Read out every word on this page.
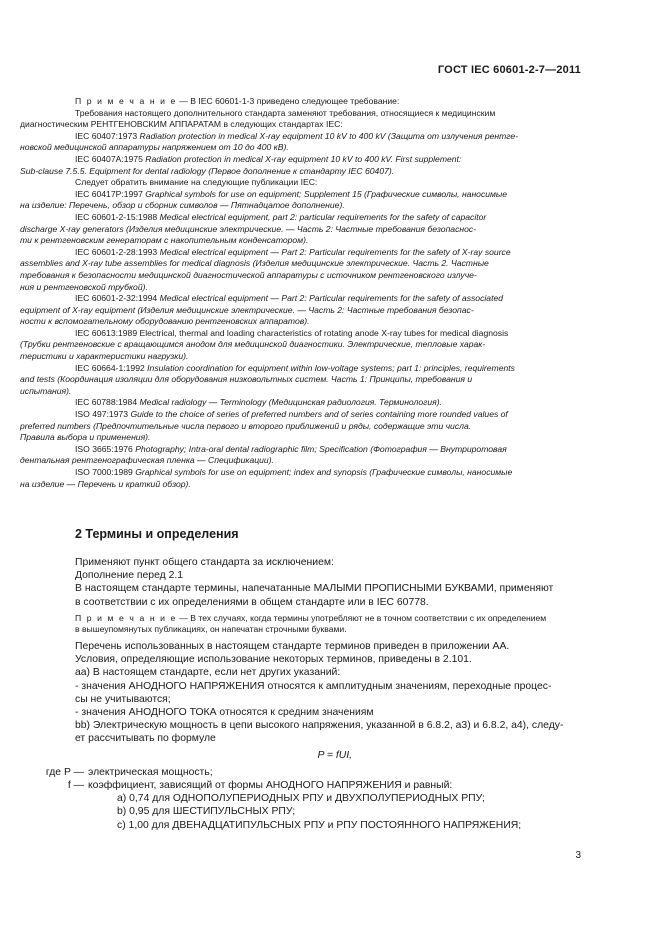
ГОСТ IEC 60601-2-7—2011

П р и м е ч а н и е — В IEC 60601-1-3 приведено следующее требование:

Требования настоящего дополнительного стандарта заменяют требования, относящиеся к медицинским

диагностическим РЕНТГЕНОВСКИМ АППАРАТАМ в следующих стандартах IEC:

IEC 60407:1973 Radiation protection in medical X-ray equipment 10 kV to 400 kV (Защита от излучения рентге-

новской медицинской аппаратуры напряжением от 10 до 400 кВ).

IEC 60407A:1975 Radiation protection in medical X-ray equipment 10 kV to 400 kV. First supplement:

Sub-clause 7.5.5. Equipment for dental radiology (Первое дополнение к стандарту IEC 60407).

Следует обратить внимание на следующие публикации IEC:

IEC 60417P:1997 Graphical symbols for use on equipment; Supplement 15 (Графические символы, наносимые

на изделие: Перечень, обзор и сборник символов — Пятнадцатое дополнение).

IEC 60601-2-15:1988 Medical electrical equipment, part 2: particular requirements for the safety of capacitor

discharge X-ray generators (Изделия медицинские электрические. — Часть 2: Частные требования безопаснос-

ти к рентгеновским генераторам с накопительным конденсатором).

IEC 60601-2-28:1993 Medical electrical equipment — Part 2: Particular requirements for the safety of X-ray source

assemblies and X-ray tube assemblies for medical diagnosis (Изделия медицинские электрические. Часть 2. Частные

требования к безопасности медицинской диагностической аппаратуры с источником рентгеновского излуче-

ния и рентгеновской трубкой).

IEC 60601-2-32:1994 Medical electrical equipment — Part 2: Particular requirements for the safety of associated

equipment of X-ray equipment (Изделия медицинские электрические. — Часть 2: Частные требования безопас-

ности к вспомогательному оборудованию рентгеновских аппаратов).

IEC 60613:1989 Electrical, thermal and loading characteristics of rotating anode X-ray tubes for medical diagnosis

(Трубки рентгеновские с вращающимся анодом для медицинской диагностики. Электрические, тепловые харак-

теристики и характеристики нагрузки).

IEC 60664-1:1992 Insulation coordination for equipment within low-voltage systems; part 1: principles, requirements

and tests (Координация изоляции для оборудования низковольтных систем. Часть 1: Принципы, требования и

испытания).

IEC 60788:1984 Medical radiology — Terminology (Медицинская радиология. Терминология).

ISO 497:1973 Guide to the choice of series of preferred numbers and of series containing more rounded values of

preferred numbers (Предпочтительные числа первого и второго приближений и ряды, содержащие эти числа.

Правила выбора и применения).

ISO 3665:1976 Photography; Intra-oral dental radiographic film; Specification (Фотография — Внутриротовая

дентальная рентгенографическая пленка — Спецификации).

ISO 7000:1989 Graphical symbols for use on equipment; index and synopsis (Графические символы, наносимые

на изделие — Перечень и краткий обзор).

2 Термины и определения

Применяют пункт общего стандарта за исключением:

Дополнение перед 2.1

В настоящем стандарте термины, напечатанные МАЛЫМИ ПРОПИСНЫМИ БУКВАМИ, применяют

в соответствии с их определениями в общем стандарте или в IEC 60778.

П р и м е ч а н и е — В тех случаях, когда термины употребляют не в точном соответствии с их определением

в вышеупомянутых публикациях, он напечатан строчными буквами.

Перечень использованных в настоящем стандарте терминов приведен в приложении AA.

Условия, определяющие использование некоторых терминов, приведены в 2.101.

аа) В настоящем стандарте, если нет других указаний:

- значения АНОДНОГО НАПРЯЖЕНИЯ относятся к амплитудным значениям, переходные процес-

сы не учитываются;

- значения АНОДНОГО ТОКА относятся к средним значениям

bb) Электрическую мощность в цепи высокого напряжения, указанной в 6.8.2, а3) и 6.8.2, а4), следу-

ет рассчитывать по формуле

P = fUI,

где P — электрическая мощность;
f — коэффициент, зависящий от формы АНОДНОГО НАПРЯЖЕНИЯ и равный:

a) 0,74 для ОДНОПОЛУПЕРИОДНЫХ РПУ и ДВУХПОЛУПЕРИОДНЫХ РПУ;

b) 0,95 для ШЕСТИПУЛЬСНЫХ РПУ;

c) 1,00 для ДВЕНАДЦАТИПУЛЬСНЫХ РПУ и РПУ ПОСТОЯННОГО НАПРЯЖЕНИЯ;

3
